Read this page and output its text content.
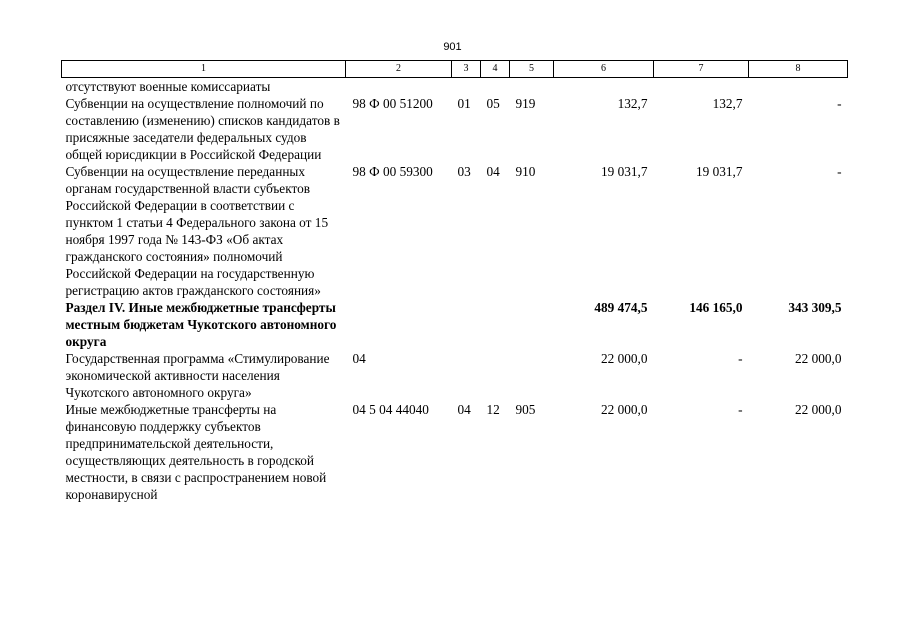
901
1	2	3	4	5	6	7	8
отсутствуют военные комиссариаты							
Субвенции на осуществление полномочий по составлению (изменению) списков кандидатов в присяжные заседатели федеральных судов общей юрисдикции в Российской Федерации	98 Ф 00 51200	01	05	919	132,7	132,7	-
Субвенции на осуществление переданных органам государственной власти субъектов Российской Федерации в соответствии с пунктом 1 статьи 4 Федерального закона от 15 ноября 1997 года № 143-ФЗ «Об актах гражданского состояния» полномочий Российской Федерации на государственную регистрацию актов гражданского состояния»	98 Ф 00 59300	03	04	910	19 031,7	19 031,7	-
Раздел IV. Иные межбюджетные трансферты местным бюджетам Чукотского автономного округа					489 474,5	146 165,0	343 309,5
Государственная программа «Стимулирование экономической активности населения Чукотского автономного округа»	04				22 000,0	-	22 000,0
Иные межбюджетные трансферты на финансовую поддержку субъектов предпринимательской деятельности, осуществляющих деятельность в городской местности, в связи с распространением новой коронавирусной	04 5 04 44040	04	12	905	22 000,0	-	22 000,0
